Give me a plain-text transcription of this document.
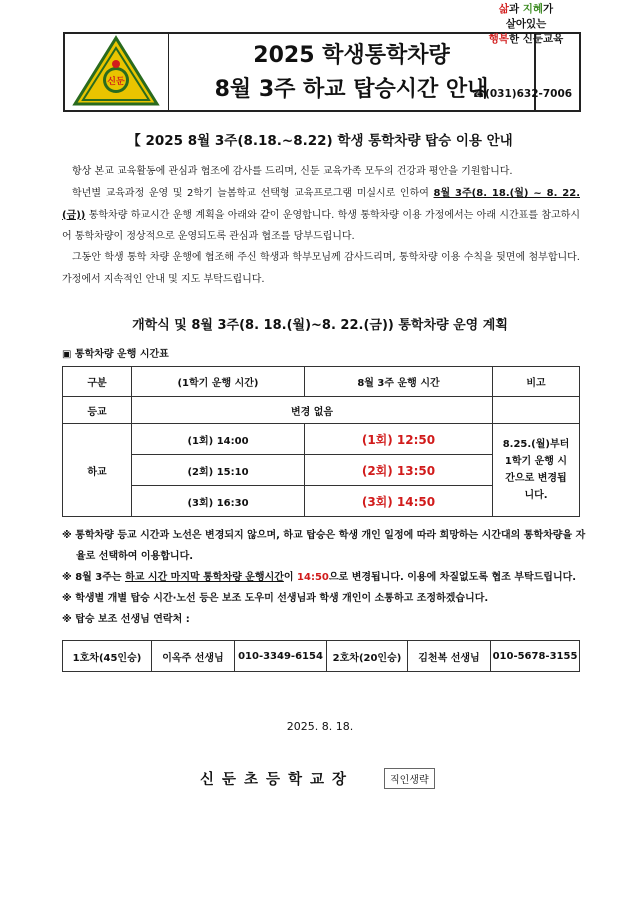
신둔
2025 학생통학차량
8월 3주 하교 탑승시간 안내
삶과 지혜가
살아있는
행복한 신둔교육
☎(031)632-7006
【 2025 8월 3주(8.18.~8.22) 학생 통학차량 탑승 이용 안내
항상 본교 교육활동에 관심과 협조에 감사를 드리며, 신둔 교육가족 모두의 건강과 평안을 기원합니다.
학년별 교육과정 운영 및 2학기 늘봄학교 선택형 교육프로그램 미실시로 인하여 8월 3주(8. 18.(월) ~ 8. 22.(금)) 통학차량 하교시간 운행 계획을 아래와 같이 운영합니다. 학생 통학차량 이용 가정에서는 아래 시간표를 참고하시어 통학차량이 정상적으로 운영되도록 관심과 협조를 당부드립니다.
그동안 학생 통학 차량 운행에 협조해 주신 학생과 학부모님께 감사드리며, 통학차량 이용 수칙을 뒷면에 첨부합니다. 가정에서 지속적인 안내 및 지도 부탁드립니다.
개학식 및 8월 3주(8. 18.(월)~8. 22.(금)) 통학차량 운영 계획
▣ 통학차량 운행 시간표
구분	(1학기 운행 시간)	8월 3주 운행 시간	비고
등교	변경 없음		
하교	(1회) 14:00	(1회) 12:50	8.25.(월)부터 1학기 운행 시간으로 변경됩니다.
	(2회) 15:10	(2회) 13:50	
	(3회) 16:30	(3회) 14:50	
※ 통학차량 등교 시간과 노선은 변경되지 않으며, 하교 탑승은 학생 개인 일정에 따라 희망하는 시간대의 통학차량을 자율로 선택하여 이용합니다.
※ 8월 3주는 하교 시간 마지막 통학차량 운행시간이 14:50으로 변경됩니다. 이용에 차질없도록 협조 부탁드립니다.
※ 학생별 개별 탑승 시간·노선 등은 보조 도우미 선생님과 학생 개인이 소통하고 조정하겠습니다.
※ 탑승 보조 선생님 연락처 :
1호차(45인승)	이옥주 선생님	010-3349-6154	2호차(20인승)	김천복 선생님	010-5678-3155
2025. 8. 18.
신둔초등학교장	직인생략
